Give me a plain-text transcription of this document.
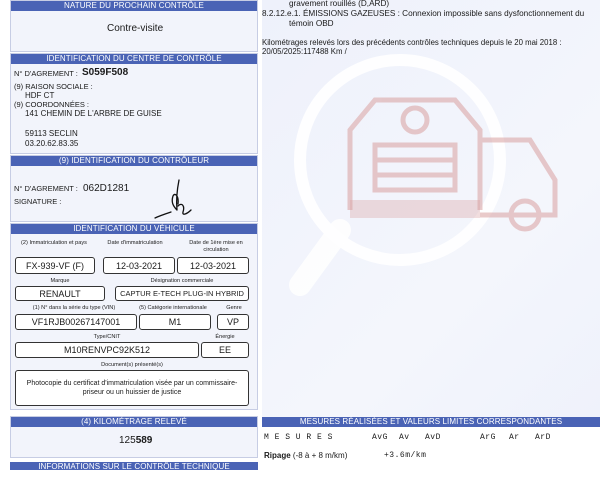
NATURE DU PROCHAIN CONTRÔLE
Contre-visite
IDENTIFICATION DU CENTRE DE CONTRÔLE
N° D'AGREMENT : S059F508
(9) RAISON SOCIALE :
HDF CT
(9) COORDONNÉES :
141 CHEMIN DE L'ARBRE DE GUISE
59113 SECLIN
03.20.62.83.35
(9) IDENTIFICATION DU CONTRÔLEUR
N° D'AGREMENT : 062D1281
SIGNATURE :
IDENTIFICATION DU VÉHICULE
(2) Immatriculation et pays	Date d'immatriculation	Date de 1ère mise en circulation
FX-939-VF (F)	12-03-2021	12-03-2021
Marque	Désignation commerciale
RENAULT	CAPTUR E-TECH PLUG-IN HYBRID
(1) N° dans la série du type (VIN)	(5) Catégorie internationale	Genre
VF1RJB00267147001	M1	VP
Type/CNIT	Énergie
M10RENVPC92K512	EE
Document(s) présenté(s)
Photocopie du certificat d'immatriculation visée par un commissaire-priseur ou un huissier de justice
(4) KILOMÉTRAGE RELEVÉ
125589
INFORMATIONS SUR LE CONTRÔLE TECHNIQUE DÉFAVORABLE
gravement rouillés (D,ARD)
8.2.12.e.1. ÉMISSIONS GAZEUSES : Connexion impossible sans dysfonctionnement du
témoin OBD
Kilométrages relevés lors des précédents contrôles techniques depuis le 20 mai 2018 :
20/05/2025:117488 Km /
MESURES RÉALISÉES ET VALEURS LIMITES CORRESPONDANTES
M E S U R E S	AvG Av AvD	ArG Ar ArD
Ripage (-8 à + 8 m/km)	+3.6m/km
